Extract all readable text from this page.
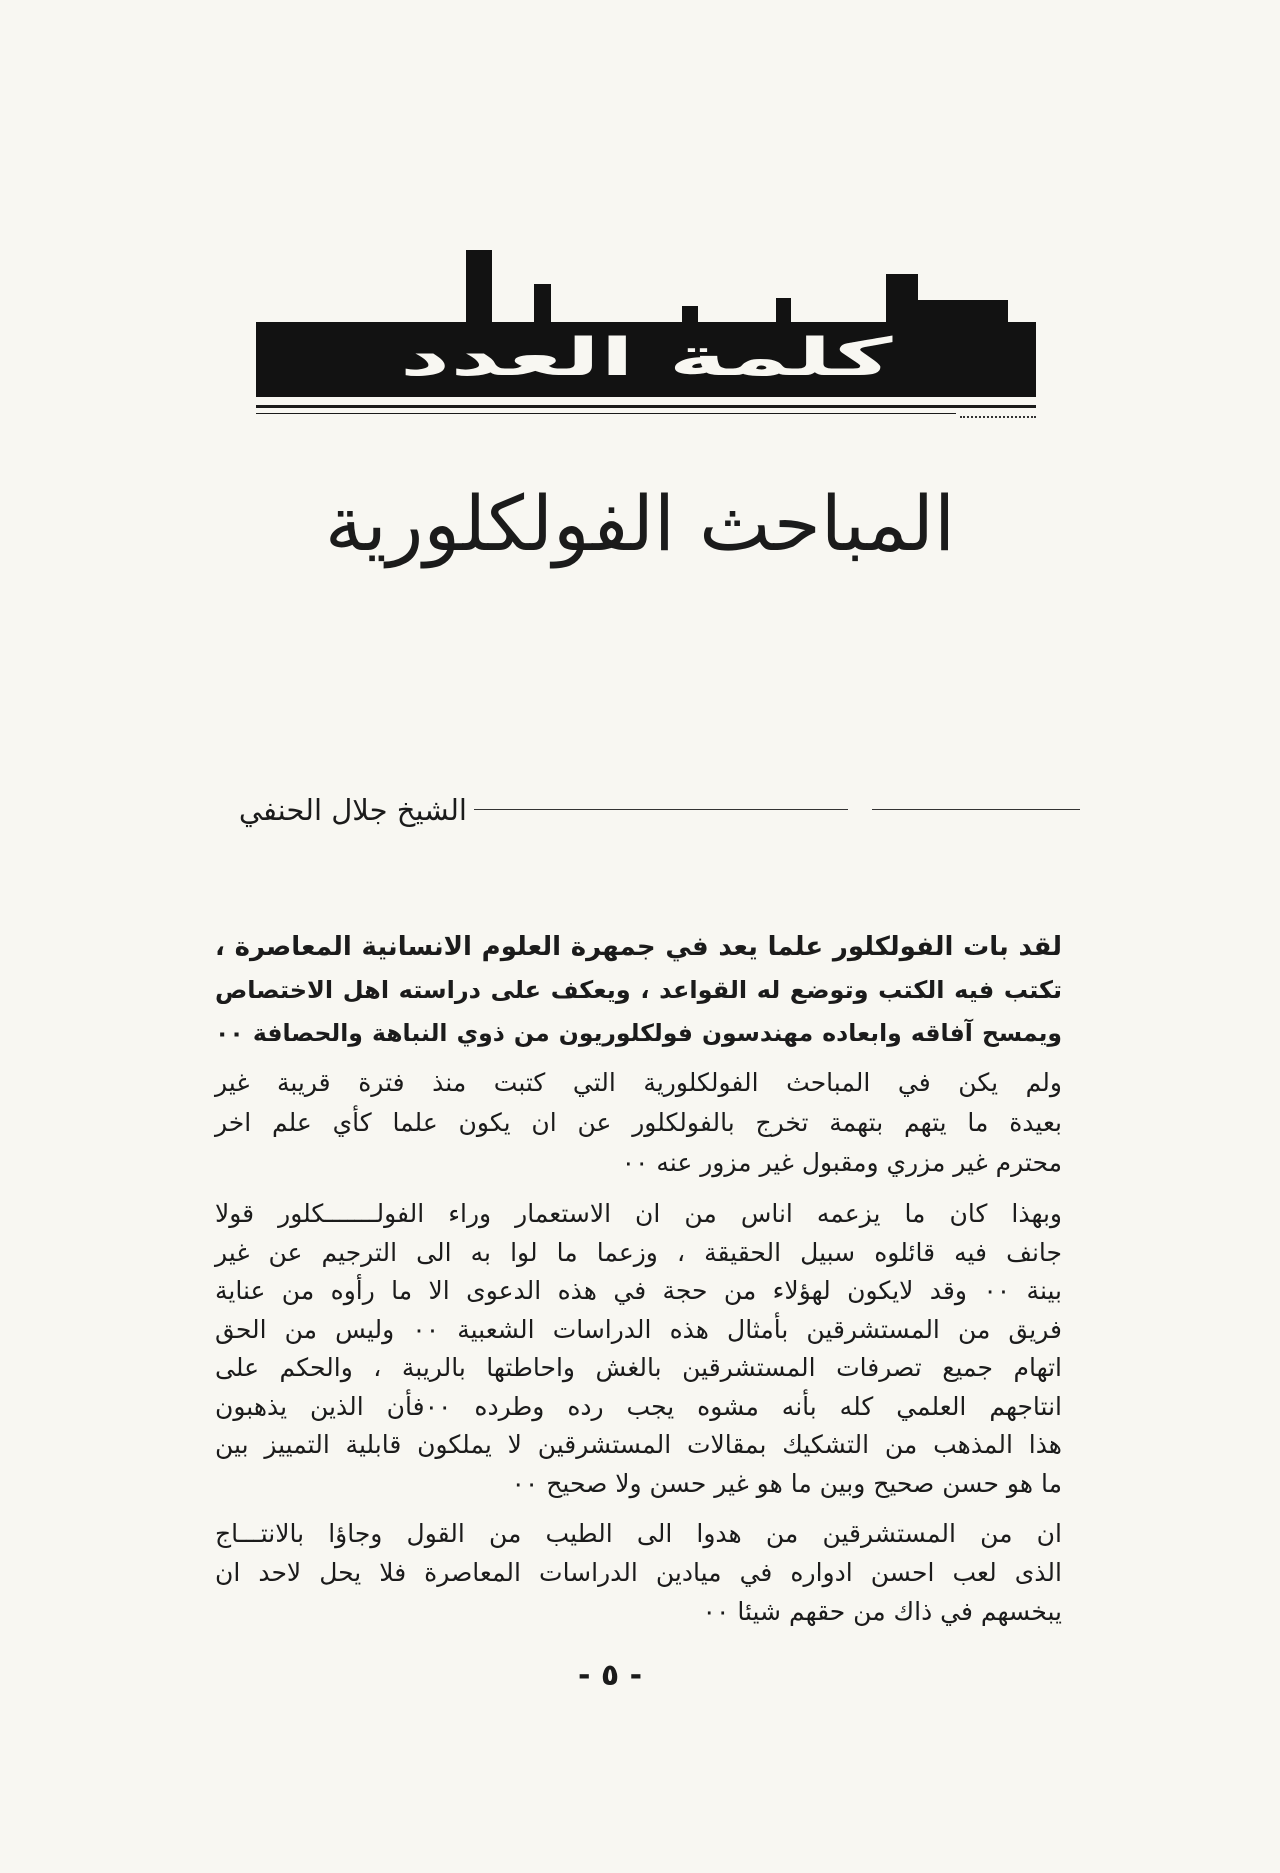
كلمة العدد
المباحث الفولكلورية
الشيخ جلال الحنفي
لقد بات الفولكلور علما يعد في جمهرة العلوم الانسانية المعاصرة ،
تكتب فيه الكتب وتوضع له القواعد ، ويعكف على دراسته اهل الاختصاص
ويمسح آفاقه وابعاده مهندسون فولكلوريون من ذوي النباهة والحصافة ٠٠
ولم يكن في المباحث الفولكلورية التي كتبت منذ فترة قريبة غير
بعيدة ما يتهم بتهمة تخرج بالفولكلور عن ان يكون علما كأي علم اخر
محترم غير مزري ومقبول غير مزور عنه ٠٠
وبهذا كان ما يزعمه اناس من ان الاستعمار وراء الفولـــــــكلور قولا
جانف فيه قائلوه سبيل الحقيقة ، وزعما ما لوا به الى الترجيم عن غير
بينة ٠٠ وقد لايكون لهؤلاء من حجة في هذه الدعوى الا ما رأوه من عناية
فريق من المستشرقين بأمثال هذه الدراسات الشعبية ٠٠ وليس من الحق
اتهام جميع تصرفات المستشرقين بالغش واحاطتها بالريبة ، والحكم على
انتاجهم العلمي كله بأنه مشوه يجب رده وطرده ٠٠فأن الذين يذهبون
هذا المذهب من التشكيك بمقالات المستشرقين لا يملكون قابلية التمييز بين
ما هو حسن صحيح وبين ما هو غير حسن ولا صحيح ٠٠
ان من المستشرقين من هدوا الى الطيب من القول وجاؤا بالانتـــاج
الذى لعب احسن ادواره في ميادين الدراسات المعاصرة فلا يحل لاحد ان
يبخسهم في ذاك من حقهم شيئا ٠٠
- ٥ -
